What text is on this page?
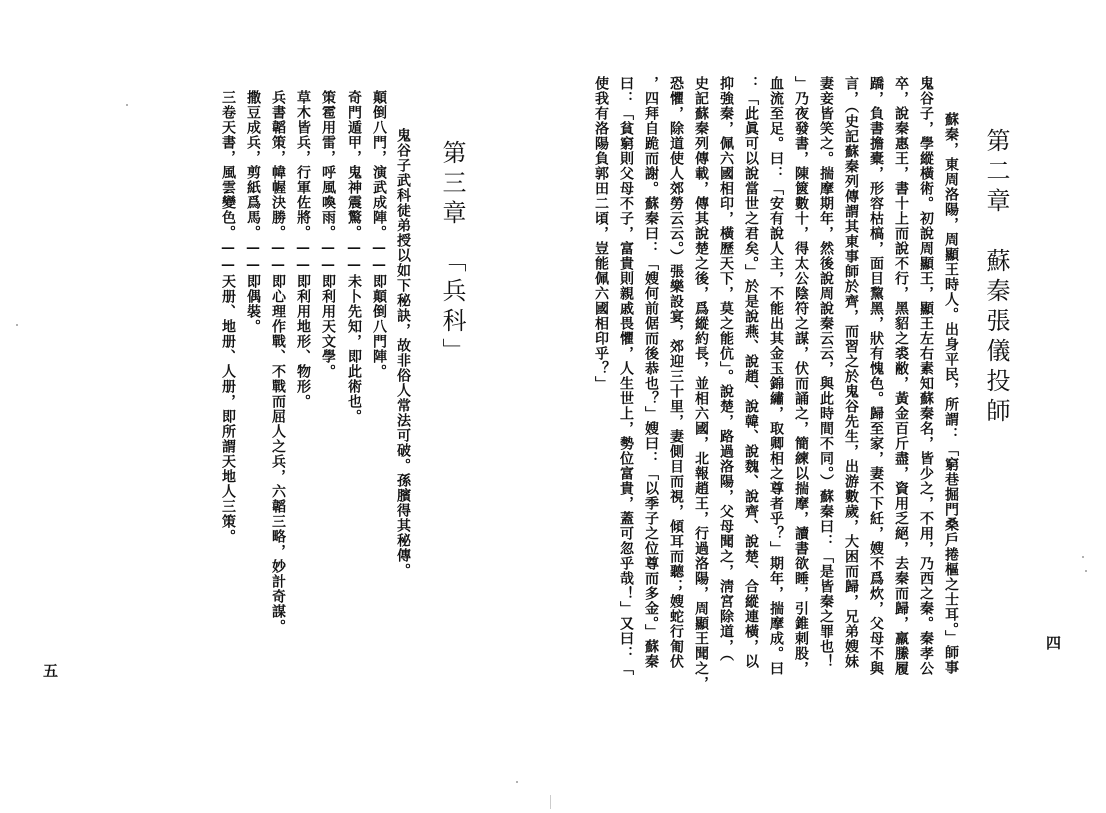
第三章　「兵科」
鬼谷子武科徒弟授以如下秘訣，故非俗人常法可破。孫臏得其秘傳。
顛倒八門，演武成陣。——即顛倒八門陣。
奇門遁甲，鬼神震驚。——未卜先知，即此術也。
策雹用雷，呼風喚雨。——即利用天文學。
草木皆兵，行軍佐將。——即利用地形、物形。
兵書韜策，幃幄決勝。——即心理作戰、不戰而屈人之兵，六韜三略，妙計奇謀。
撒豆成兵，剪紙爲馬。——即偶裝。
三卷天書，風雲變色。——天册、地册、人册，即所謂天地人三策。
五
第二章　蘇秦張儀投師
蘇秦，東周洛陽，周顯王時人。出身平民，所謂：「窮巷掘門桑戶捲樞之士耳。」師事
鬼谷子，學縱橫術。初說周顯王，顯王左右素知蘇秦名，皆少之，不用，乃西之秦。秦孝公
卒，說秦惠王，書十上而說不行，黑貂之裘敝，黃金百斤盡，資用乏絕，去秦而歸，羸縢履
蹻，負書擔橐，形容枯槁，面目黧黑，狀有愧色。歸至家，妻不下紝，嫂不爲炊，父母不與
言，（史記蘇秦列傳謂其東事師於齊，而習之於鬼谷先生，出游數歲，大困而歸，兄弟嫂妹
妻妾皆笑之。揣摩期年，然後說周說秦云云，與此時間不同。）蘇秦曰：「是皆秦之罪也！
」乃夜發書，陳篋數十，得太公陰符之謀，伏而誦之，簡練以揣摩，讀書欲睡，引錐刺股，
血流至足。曰：「安有說人主，不能出其金玉錦繡，取卿相之尊者乎？」期年，揣摩成。曰
：「此眞可以說當世之君矣。」於是說燕、說趙、說韓、說魏、說齊、說楚、合縱連橫，以
抑強秦，佩六國相印，橫歷天下，莫之能伉」。說楚，路過洛陽，父母聞之，淸宮除道，（
史記蘇秦列傳載，傳其說楚之後，爲縱約長，並相六國，北報趙王，行過洛陽，周顯王聞之，
恐懼，除道使人郊勞云云。）張樂設宴，郊迎三十里，妻側目而視，傾耳而聽；嫂蛇行匍伏
，四拜自跪而謝。蘇秦曰：「嫂何前倨而後恭也？」嫂曰：「以季子之位尊而多金。」蘇秦
曰：「貧窮則父母不子，富貴則親戚畏懼，人生世上，勢位富貴，蓋可忽乎哉！」又曰：「
使我有洛陽負郭田二頃，豈能佩六國相印乎？」
四
